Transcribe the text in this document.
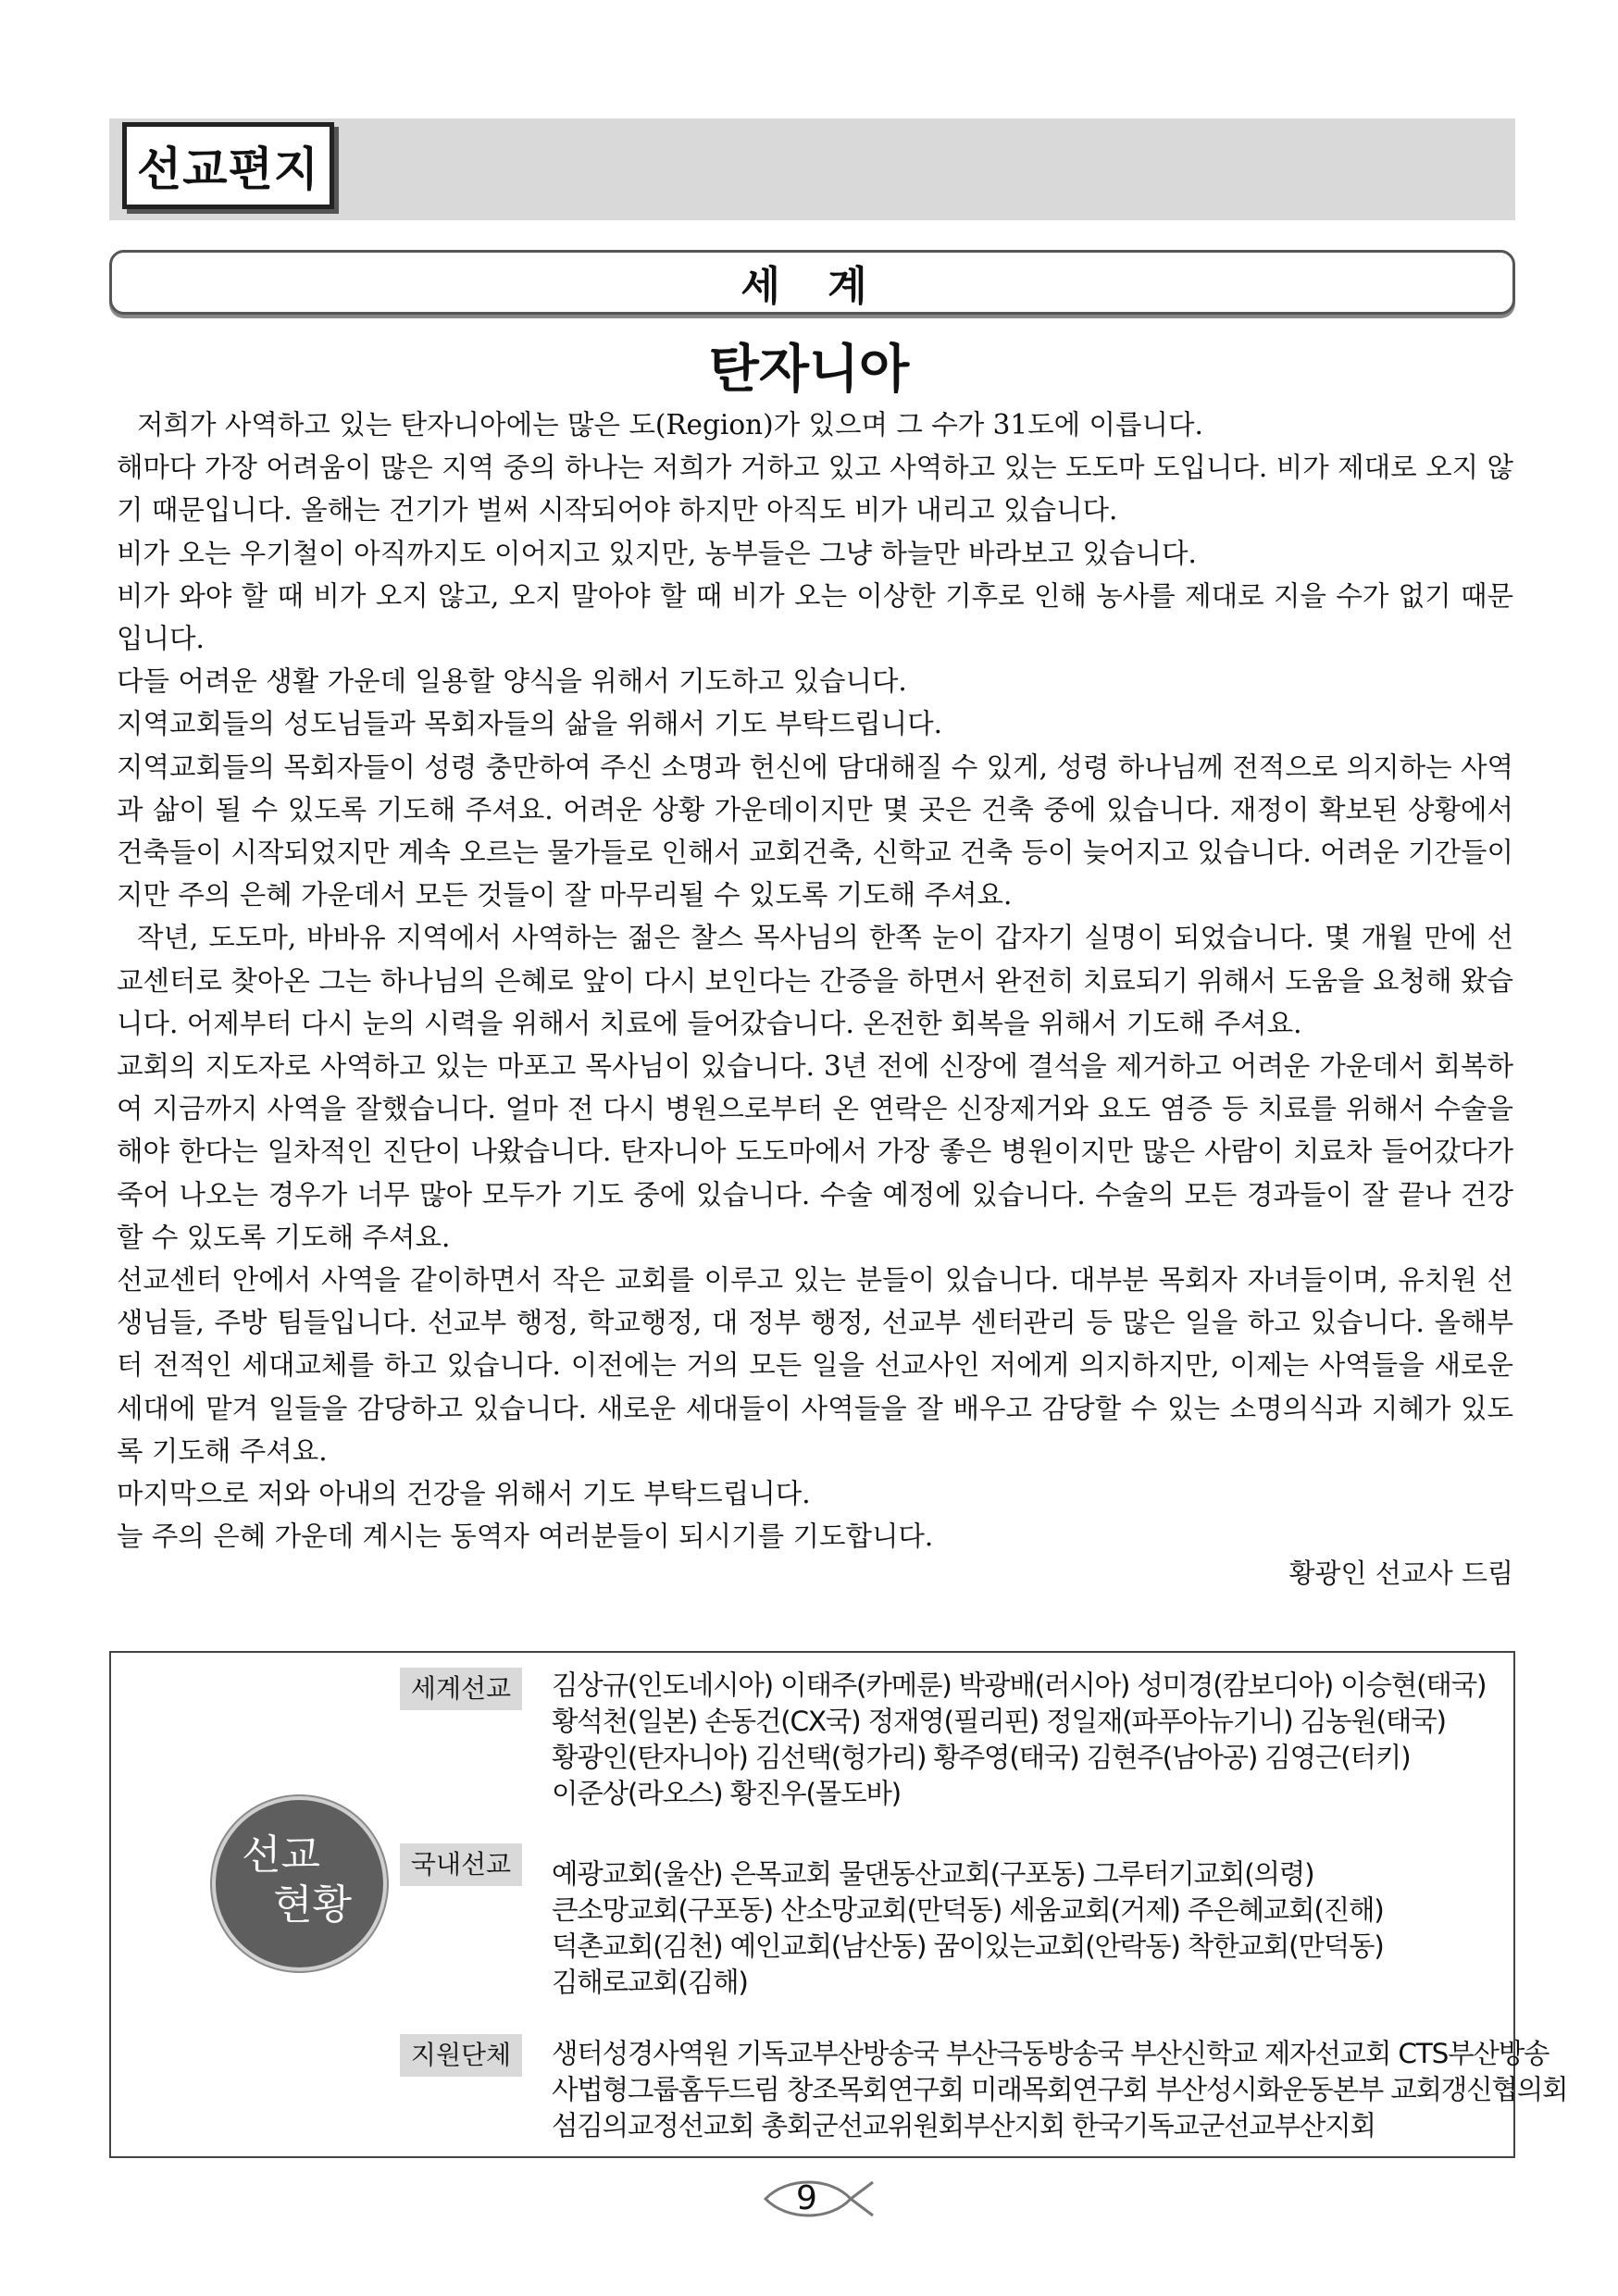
선교편지
세 계
탄자니아

저희가 사역하고 있는 탄자니아에는 많은 도(Region)가 있으며 그 수가 31도에 이릅니다.

해마다 가장 어려움이 많은 지역 중의 하나는 저희가 거하고 있고 사역하고 있는 도도마 도입니다. 비가 제대로 오지 않기 때문입니다. 올해는 건기가 벌써 시작되어야 하지만 아직도 비가 내리고 있습니다.

비가 오는 우기철이 아직까지도 이어지고 있지만, 농부들은 그냥 하늘만 바라보고 있습니다.

비가 와야 할 때 비가 오지 않고, 오지 말아야 할 때 비가 오는 이상한 기후로 인해 농사를 제대로 지을 수가 없기 때문입니다.

다들 어려운 생활 가운데 일용할 양식을 위해서 기도하고 있습니다.

지역교회들의 성도님들과 목회자들의 삶을 위해서 기도 부탁드립니다.

지역교회들의 목회자들이 성령 충만하여 주신 소명과 헌신에 담대해질 수 있게, 성령 하나님께 전적으로 의지하는 사역과 삶이 될 수 있도록 기도해 주셔요. 어려운 상황 가운데이지만 몇 곳은 건축 중에 있습니다. 재정이 확보된 상황에서 건축들이 시작되었지만 계속 오르는 물가들로 인해서 교회건축, 신학교 건축 등이 늦어지고 있습니다. 어려운 기간들이지만 주의 은혜 가운데서 모든 것들이 잘 마무리될 수 있도록 기도해 주셔요.

작년, 도도마, 바바유 지역에서 사역하는 젊은 찰스 목사님의 한쪽 눈이 갑자기 실명이 되었습니다. 몇 개월 만에 선교센터로 찾아온 그는 하나님의 은혜로 앞이 다시 보인다는 간증을 하면서 완전히 치료되기 위해서 도움을 요청해 왔습니다. 어제부터 다시 눈의 시력을 위해서 치료에 들어갔습니다. 온전한 회복을 위해서 기도해 주셔요.

교회의 지도자로 사역하고 있는 마포고 목사님이 있습니다. 3년 전에 신장에 결석을 제거하고 어려운 가운데서 회복하여 지금까지 사역을 잘했습니다. 얼마 전 다시 병원으로부터 온 연락은 신장제거와 요도 염증 등 치료를 위해서 수술을 해야 한다는 일차적인 진단이 나왔습니다. 탄자니아 도도마에서 가장 좋은 병원이지만 많은 사람이 치료차 들어갔다가 죽어 나오는 경우가 너무 많아 모두가 기도 중에 있습니다. 수술 예정에 있습니다. 수술의 모든 경과들이 잘 끝나 건강할 수 있도록 기도해 주셔요.

선교센터 안에서 사역을 같이하면서 작은 교회를 이루고 있는 분들이 있습니다. 대부분 목회자 자녀들이며, 유치원 선생님들, 주방 팀들입니다. 선교부 행정, 학교행정, 대 정부 행정, 선교부 센터관리 등 많은 일을 하고 있습니다. 올해부터 전적인 세대교체를 하고 있습니다. 이전에는 거의 모든 일을 선교사인 저에게 의지하지만, 이제는 사역들을 새로운 세대에 맡겨 일들을 감당하고 있습니다. 새로운 세대들이 사역들을 잘 배우고 감당할 수 있는 소명의식과 지혜가 있도록 기도해 주셔요.

마지막으로 저와 아내의 건강을 위해서 기도 부탁드립니다.

늘 주의 은혜 가운데 계시는 동역자 여러분들이 되시기를 기도합니다.

황광인 선교사 드림
선교
현황
세계선교	김상규(인도네시아) 이태주(카메룬) 박광배(러시아) 성미경(캄보디아) 이승현(태국)
황석천(일본) 손동건(CX국) 정재영(필리핀) 정일재(파푸아뉴기니) 김농원(태국)
황광인(탄자니아) 김선택(헝가리) 황주영(태국) 김현주(남아공) 김영근(터키)
이준상(라오스) 황진우(몰도바)
국내선교	예광교회(울산) 은목교회 물댄동산교회(구포동) 그루터기교회(의령)
큰소망교회(구포동) 산소망교회(만덕동) 세움교회(거제) 주은혜교회(진해)
덕촌교회(김천) 예인교회(남산동) 꿈이있는교회(안락동) 착한교회(만덕동)
김해로교회(김해)
지원단체	생터성경사역원 기독교부산방송국 부산극동방송국 부산신학교 제자선교회 CTS부산방송
사법형그룹홈두드림 창조목회연구회 미래목회연구회 부산성시화운동본부 교회갱신협의회
섬김의교정선교회 총회군선교위원회부산지회 한국기독교군선교부산지회
9
